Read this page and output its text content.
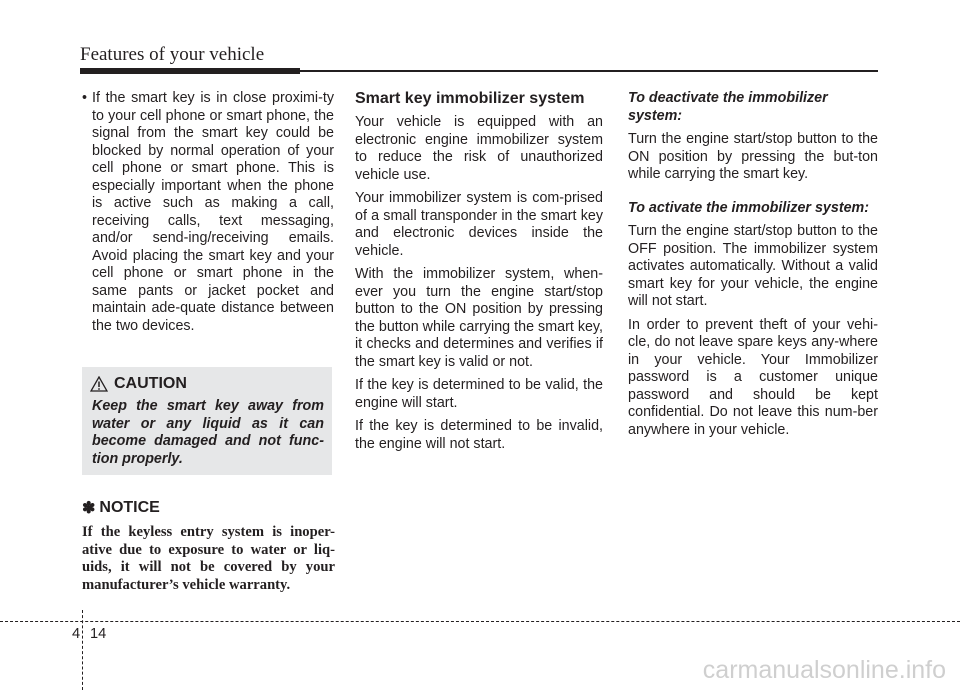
Features of your vehicle
• If the smart key is in close proximi-ty to your cell phone or smart phone, the signal from the smart key could be blocked by normal operation of your cell phone or smart phone. This is especially important when the phone is active such as making a call, receiving calls, text messaging, and/or send-ing/receiving emails. Avoid placing the smart key and your cell phone or smart phone in the same pants or jacket pocket and maintain ade-quate distance between the two devices.
CAUTION
Keep the smart key away from water or any liquid as it can become damaged and not func-tion properly.
✽ NOTICE
If the keyless entry system is inoper-ative due to exposure to water or liq-uids, it will not be covered by your manufacturer’s vehicle warranty.
Smart key immobilizer system

Your vehicle is equipped with an electronic engine immobilizer system to reduce the risk of unauthorized vehicle use.

Your immobilizer system is com-prised of a small transponder in the smart key and electronic devices inside the vehicle.

With the immobilizer system, when-ever you turn the engine start/stop button to the ON position by pressing the button while carrying the smart key, it checks and determines and verifies if the smart key is valid or not.

If the key is determined to be valid, the engine will start.

If the key is determined to be invalid, the engine will not start.

To deactivate the immobilizer system:

Turn the engine start/stop button to the ON position by pressing the but-ton while carrying the smart key.

To activate the immobilizer system:

Turn the engine start/stop button to the OFF position. The immobilizer system activates automatically. Without a valid smart key for your vehicle, the engine will not start.

In order to prevent theft of your vehi-cle, do not leave spare keys any-where in your vehicle. Your Immobilizer password is a customer unique password and should be kept confidential. Do not leave this num-ber anywhere in your vehicle.

4 14
carmanualsonline.info
